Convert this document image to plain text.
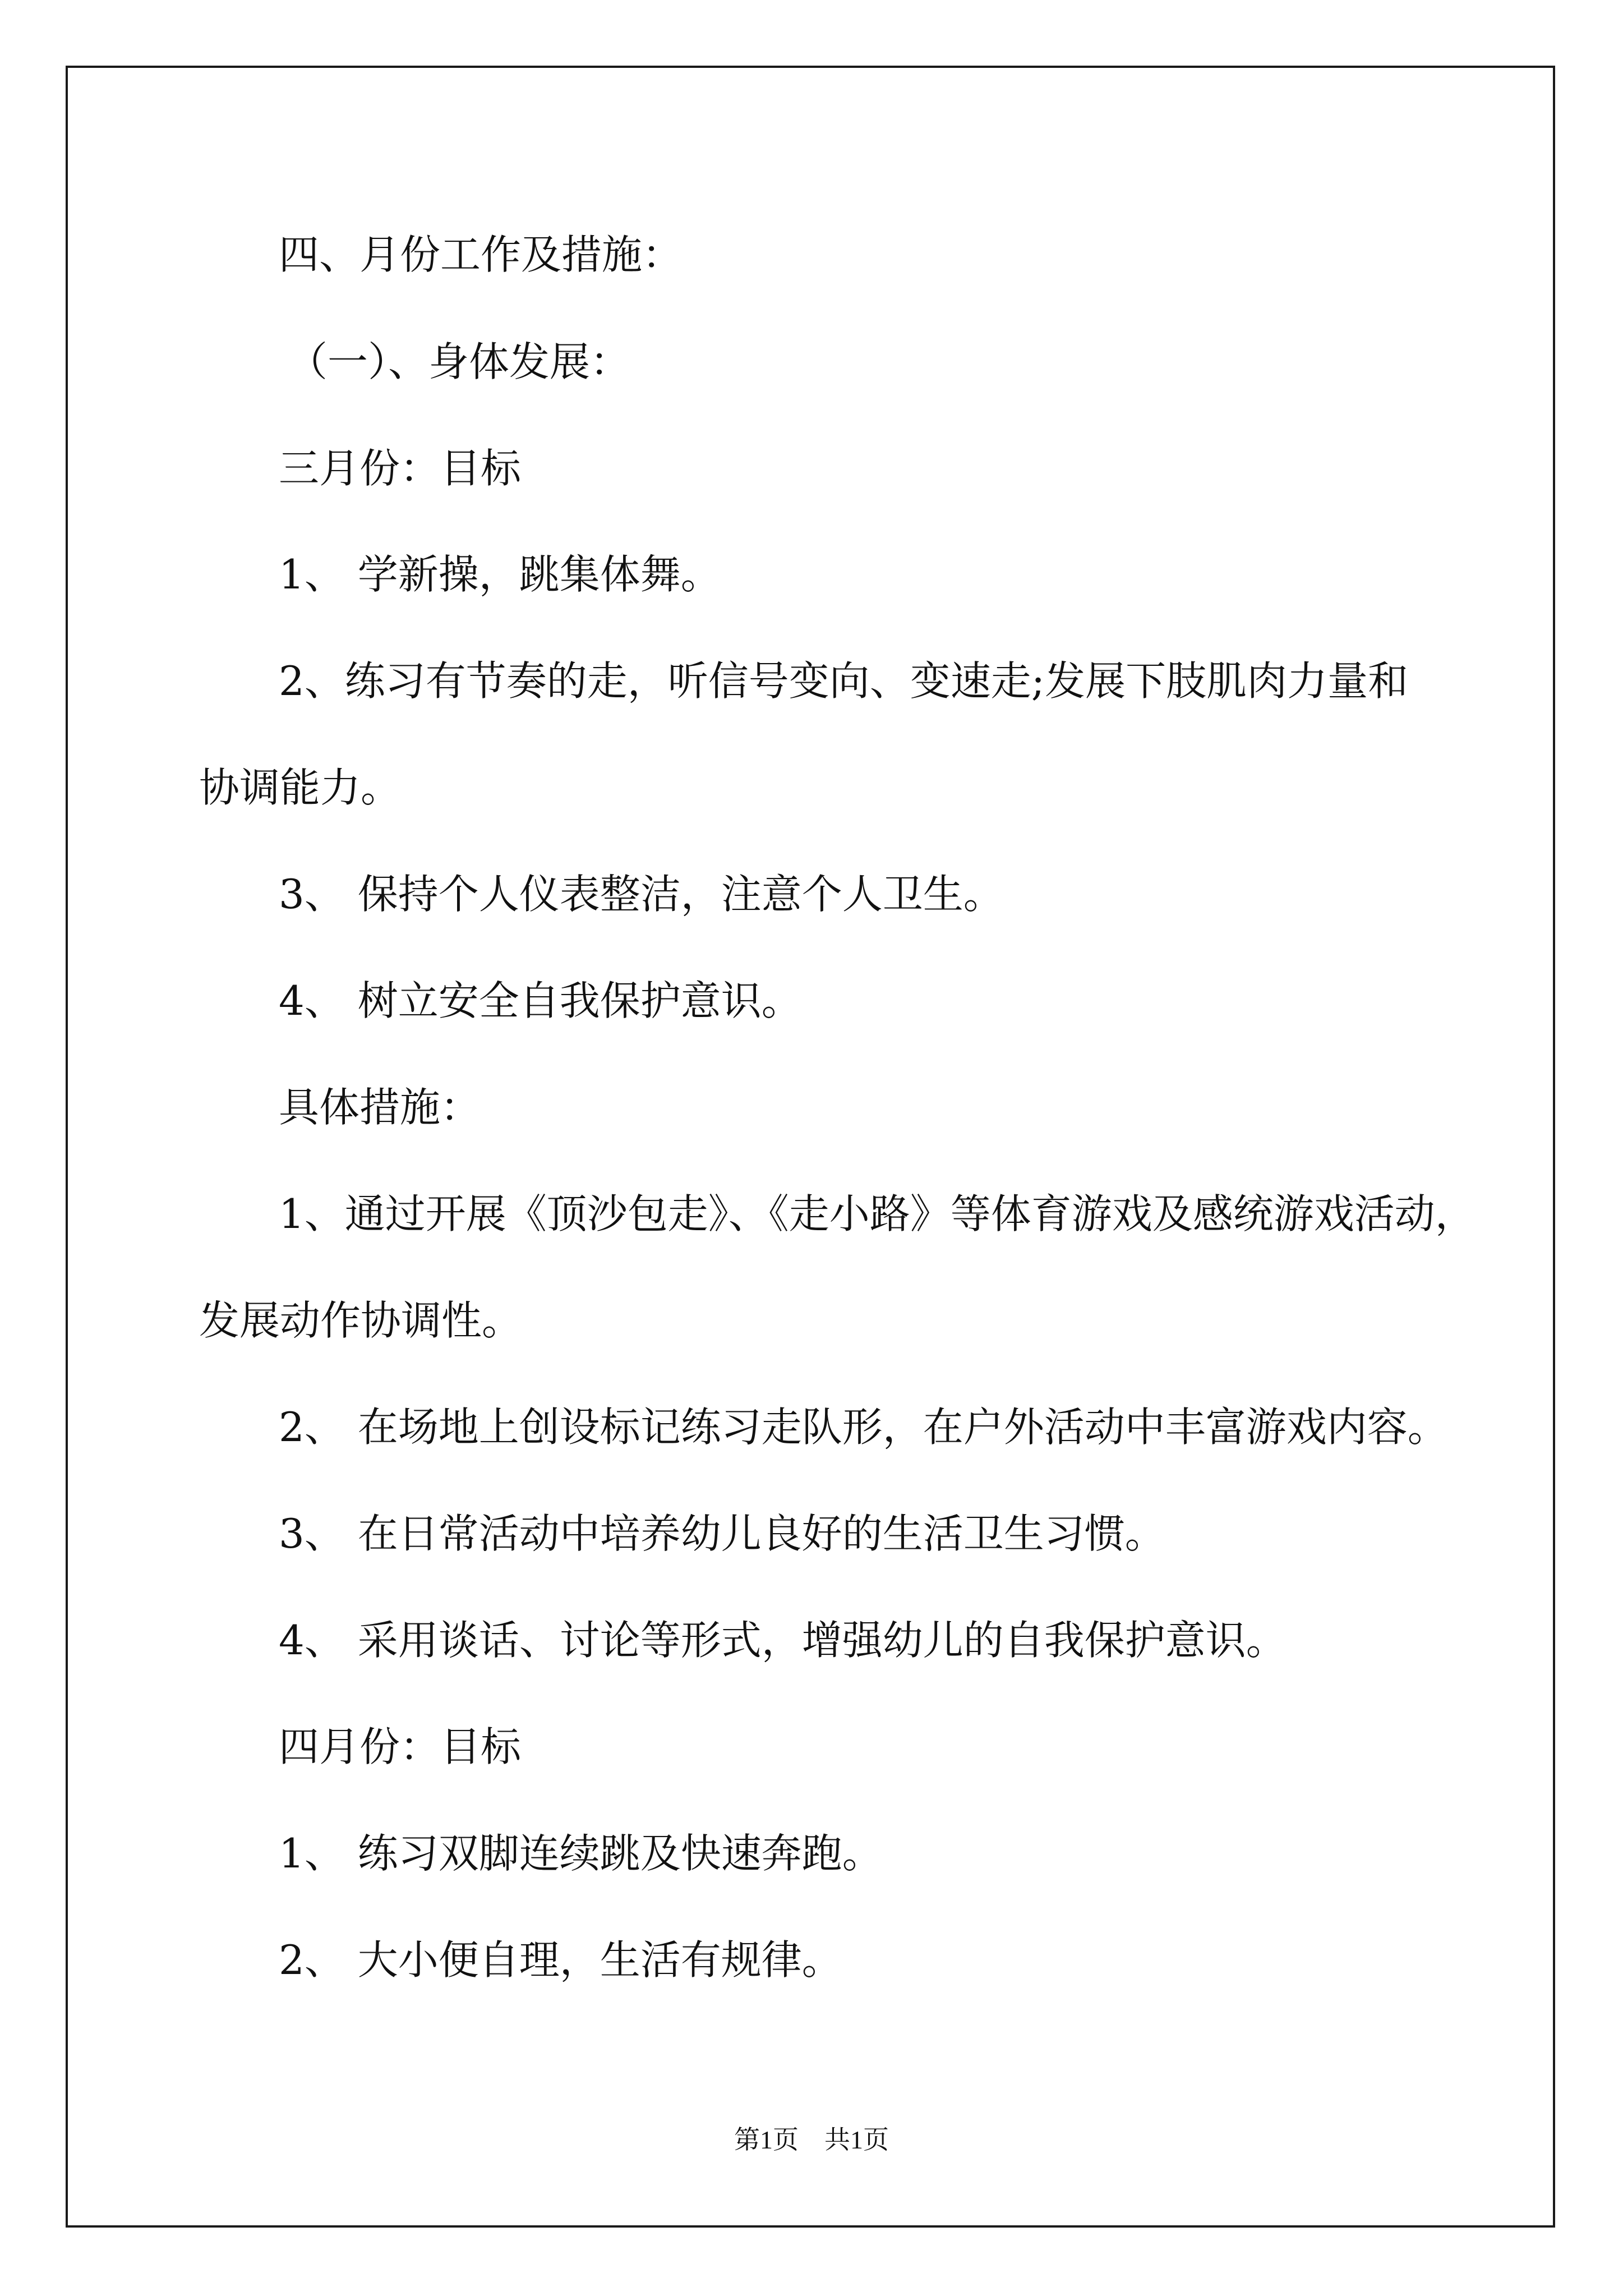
四、月份工作及措施：

（一）、身体发展：

三月份：目标

1、 学新操，跳集体舞。

2、练习有节奏的走，听信号变向、变速走;发展下肢肌肉力量和

协调能力。

3、 保持个人仪表整洁，注意个人卫生。

4、 树立安全自我保护意识。

具体措施：

1、通过开展《顶沙包走》、《走小路》等体育游戏及感统游戏活动，

发展动作协调性。

2、 在场地上创设标记练习走队形，在户外活动中丰富游戏内容。

3、 在日常活动中培养幼儿良好的生活卫生习惯。

4、 采用谈话、讨论等形式，增强幼儿的自我保护意识。

四月份：目标

1、 练习双脚连续跳及快速奔跑。

2、 大小便自理，生活有规律。

第1页　共1页
